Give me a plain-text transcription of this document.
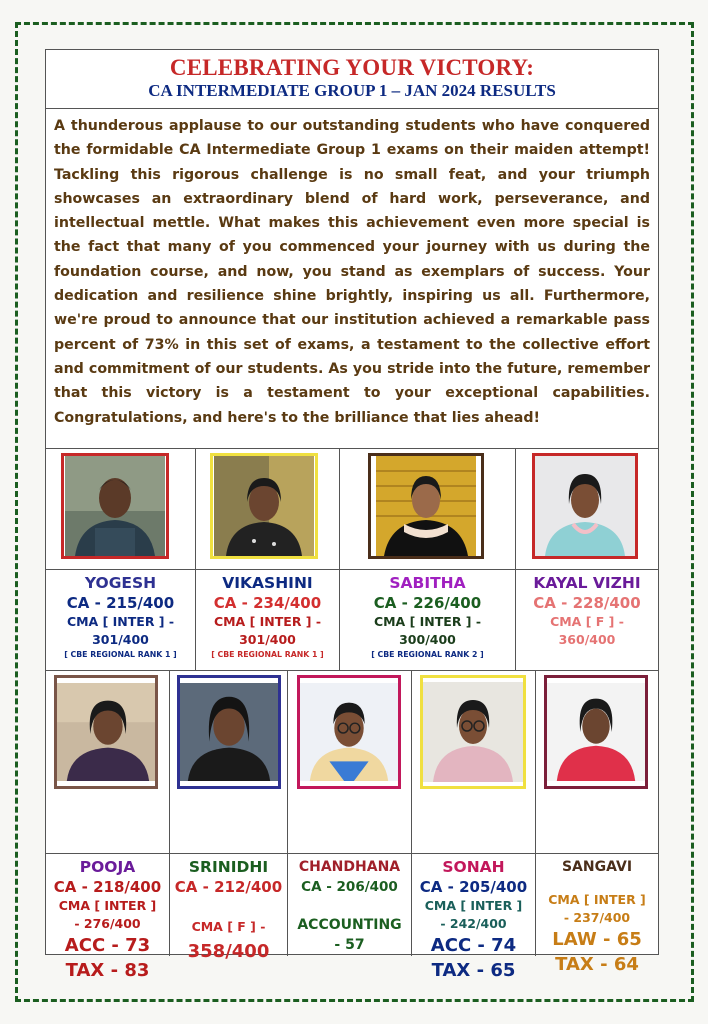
CELEBRATING YOUR VICTORY:
CA INTERMEDIATE GROUP 1 – JAN 2024 RESULTS
A thunderous applause to our outstanding students who have conquered the formidable CA Intermediate Group 1 exams on their maiden attempt! Tackling this rigorous challenge is no small feat, and your triumph showcases an extraordinary blend of hard work, perseverance, and intellectual mettle. What makes this achievement even more special is the fact that many of you commenced your journey with us during the foundation course, and now, you stand as exemplars of success. Your dedication and resilience shine brightly, inspiring us all. Furthermore, we're proud to announce that our institution achieved a remarkable pass percent of 73% in this set of exams, a testament to the collective effort and commitment of our students. As you stride into the future, remember that this victory is a testament to your exceptional capabilities. Congratulations, and here's to the brilliance that lies ahead!
YOGESH
CA - 215/400
CMA [ INTER ] -
301/400
[ CBE REGIONAL RANK 1 ]
VIKASHINI
CA - 234/400
CMA [ INTER ] -
301/400
[ CBE REGIONAL RANK 1 ]
SABITHA
CA - 226/400
CMA [ INTER ] -
300/400
[ CBE REGIONAL RANK 2 ]
KAYAL VIZHI
CA - 228/400
CMA [ F ] -
360/400
POOJA
CA - 218/400
CMA [ INTER ]
- 276/400
ACC - 73
TAX - 83
SRINIDHI
CA - 212/400
CMA [ F ] -
358/400
CHANDHANA
CA - 206/400
ACCOUNTING
- 57
SONAH
CA - 205/400
CMA [ INTER ]
- 242/400
ACC - 74
TAX - 65
SANGAVI
CMA [ INTER ]
- 237/400
LAW - 65
TAX - 64
